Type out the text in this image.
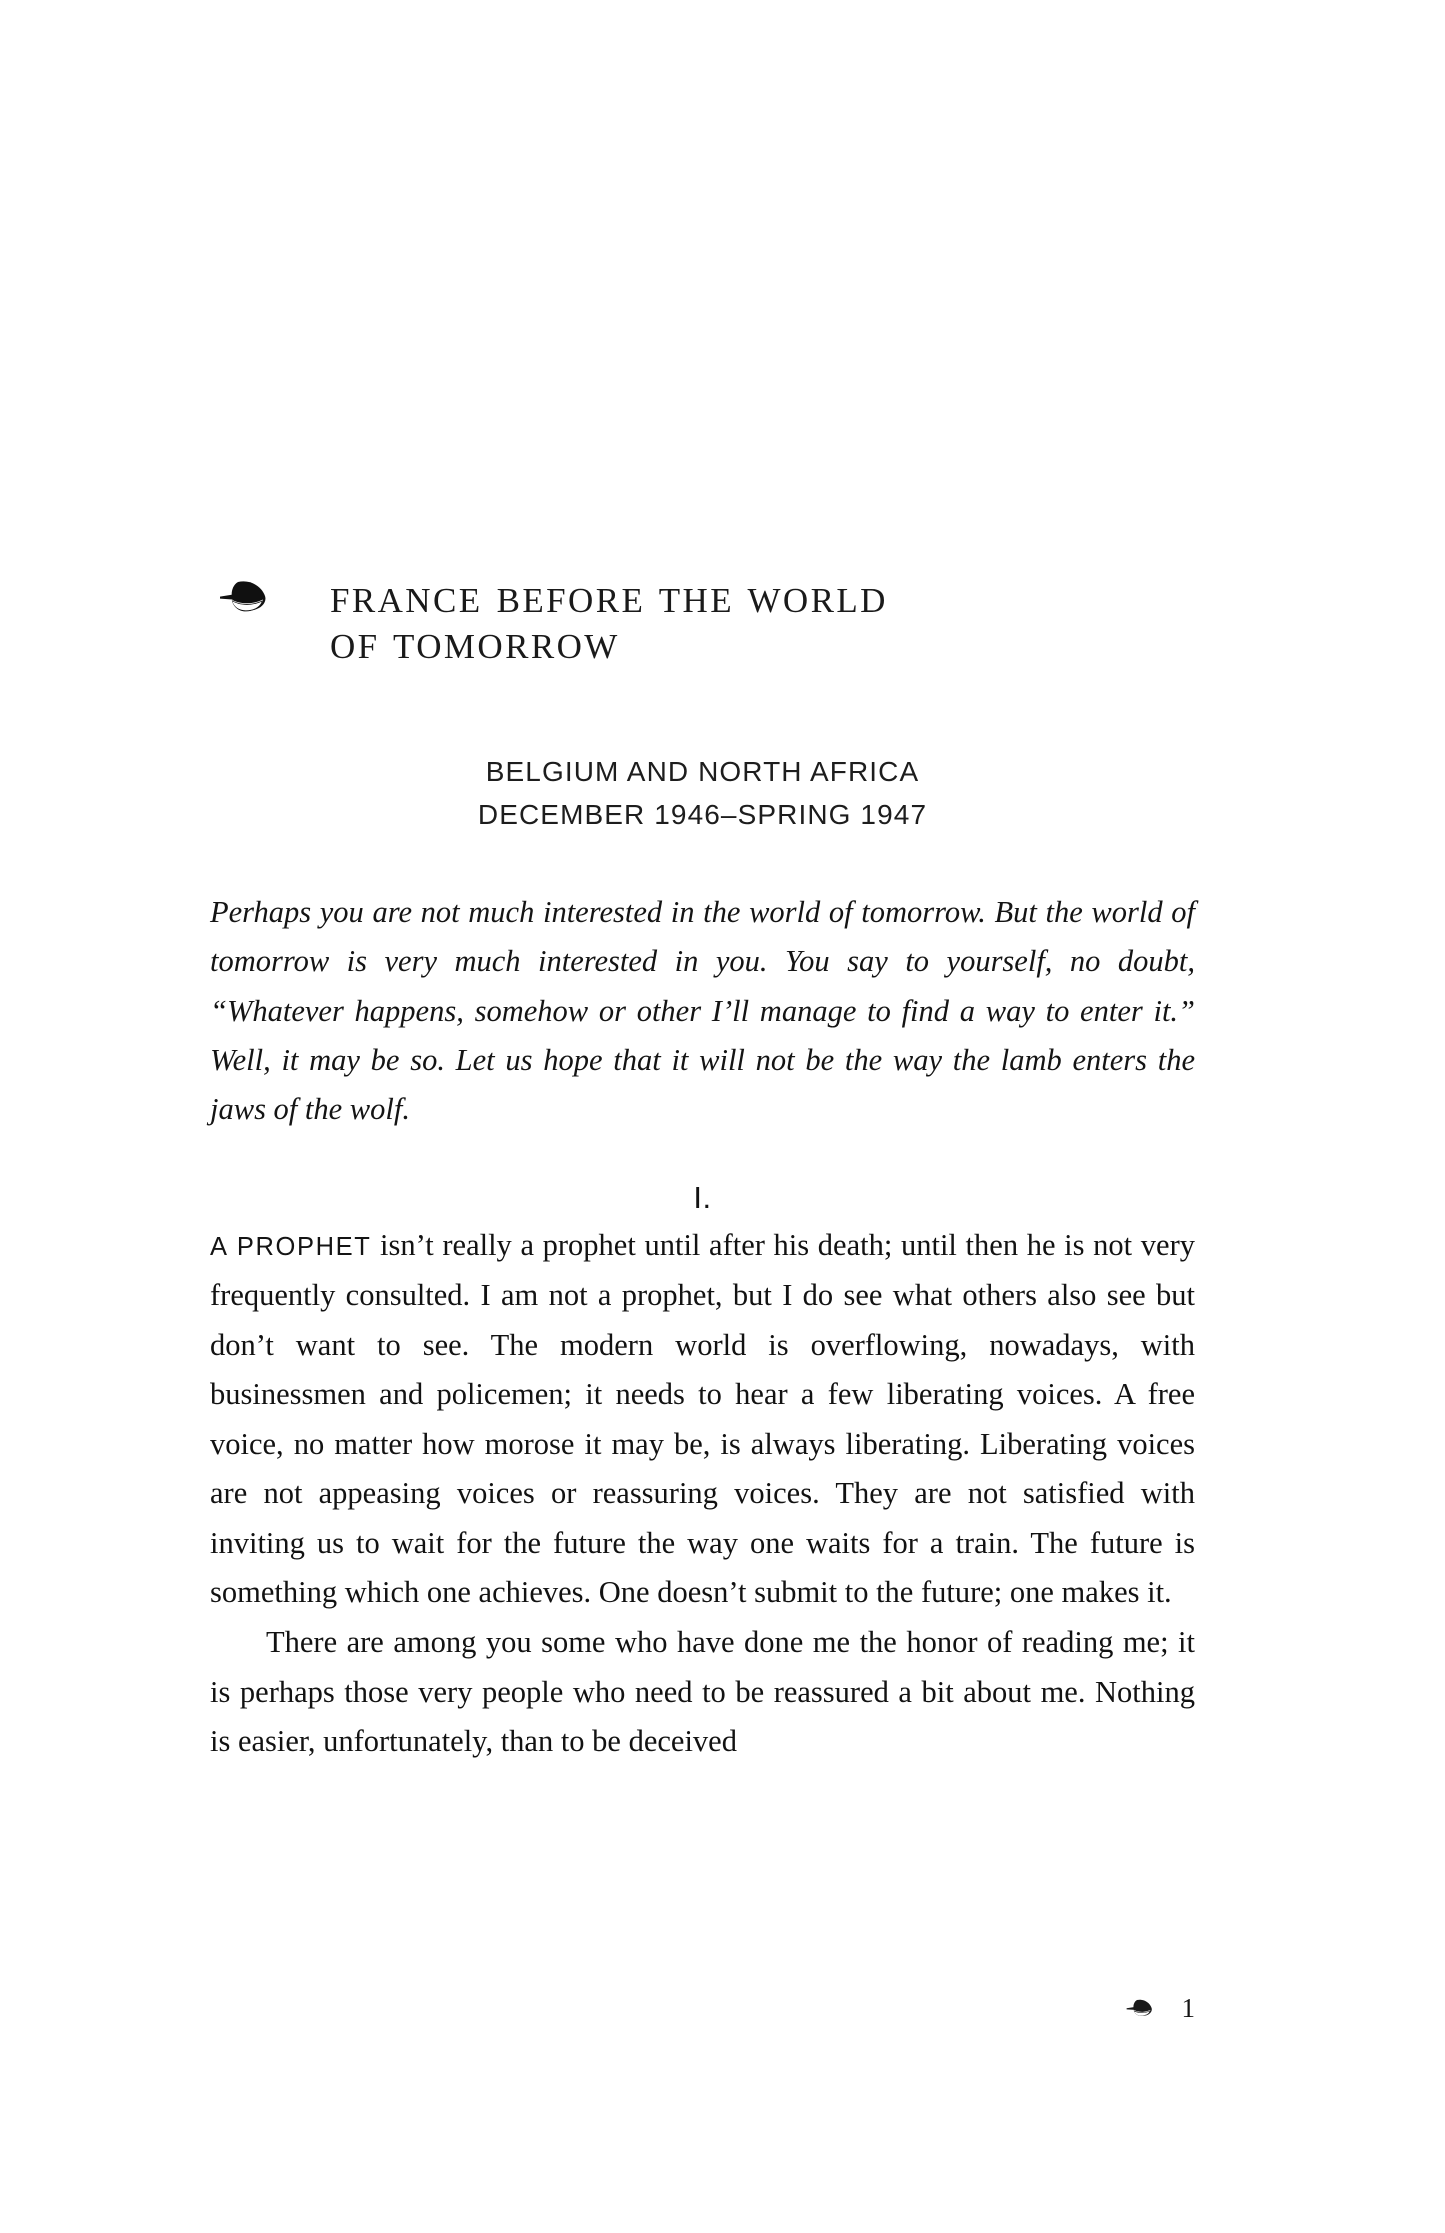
FRANCE BEFORE THE WORLD
OF TOMORROW
BELGIUM AND NORTH AFRICA
DECEMBER 1946–SPRING 1947

Perhaps you are not much interested in the world of tomorrow. But the world of tomorrow is very much interested in you. You say to yourself, no doubt, “Whatever happens, somehow or other I’ll manage to find a way to enter it.” Well, it may be so. Let us hope that it will not be the way the lamb enters the jaws of the wolf.

I.

A PROPHET isn’t really a prophet until after his death; until then he is not very frequently consulted. I am not a prophet, but I do see what others also see but don’t want to see. The modern world is overflowing, nowadays, with businessmen and policemen; it needs to hear a few liberating voices. A free voice, no matter how morose it may be, is always liberating. Liberating voices are not appeasing voices or reassuring voices. They are not satisfied with inviting us to wait for the future the way one waits for a train. The future is something which one achieves. One doesn’t submit to the future; one makes it.

There are among you some who have done me the honor of reading me; it is perhaps those very people who need to be reassured a bit about me. Nothing is easier, unfortunately, than to be deceived

1
